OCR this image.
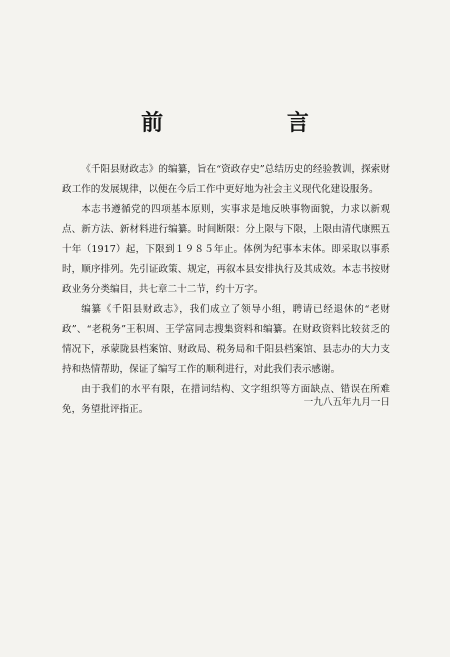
前 言

《千阳县财政志》的编纂，旨在“资政存史”总结历史的经验教训，探索财政工作的发展规律，以便在今后工作中更好地为社会主义现代化建设服务。

本志书遵循党的四项基本原则，实事求是地反映事物面貌，力求以新观点、新方法、新材料进行编纂。时间断限：分上限与下限，上限由清代康熙五十年（1917）起，下限到１９８５年止。体例为纪事本末体。即采取以事系时，顺序排列。先引证政策、规定，再叙本县安排执行及其成效。本志书按财政业务分类编目，共七章二十二节，约十万字。

编纂《千阳县财政志》，我们成立了领导小组，聘请已经退休的“老财政”、“老税务”王积周、王学富同志搜集资料和编纂。在财政资料比较贫乏的情况下，承蒙陇县档案馆、财政局、税务局和千阳县档案馆、县志办的大力支持和热情帮助，保证了编写工作的顺利进行，对此我们表示感谢。

由于我们的水平有限，在措词结构、文字组织等方面缺点、错误在所难免，务望批评指正。

一九八五年九月一日
